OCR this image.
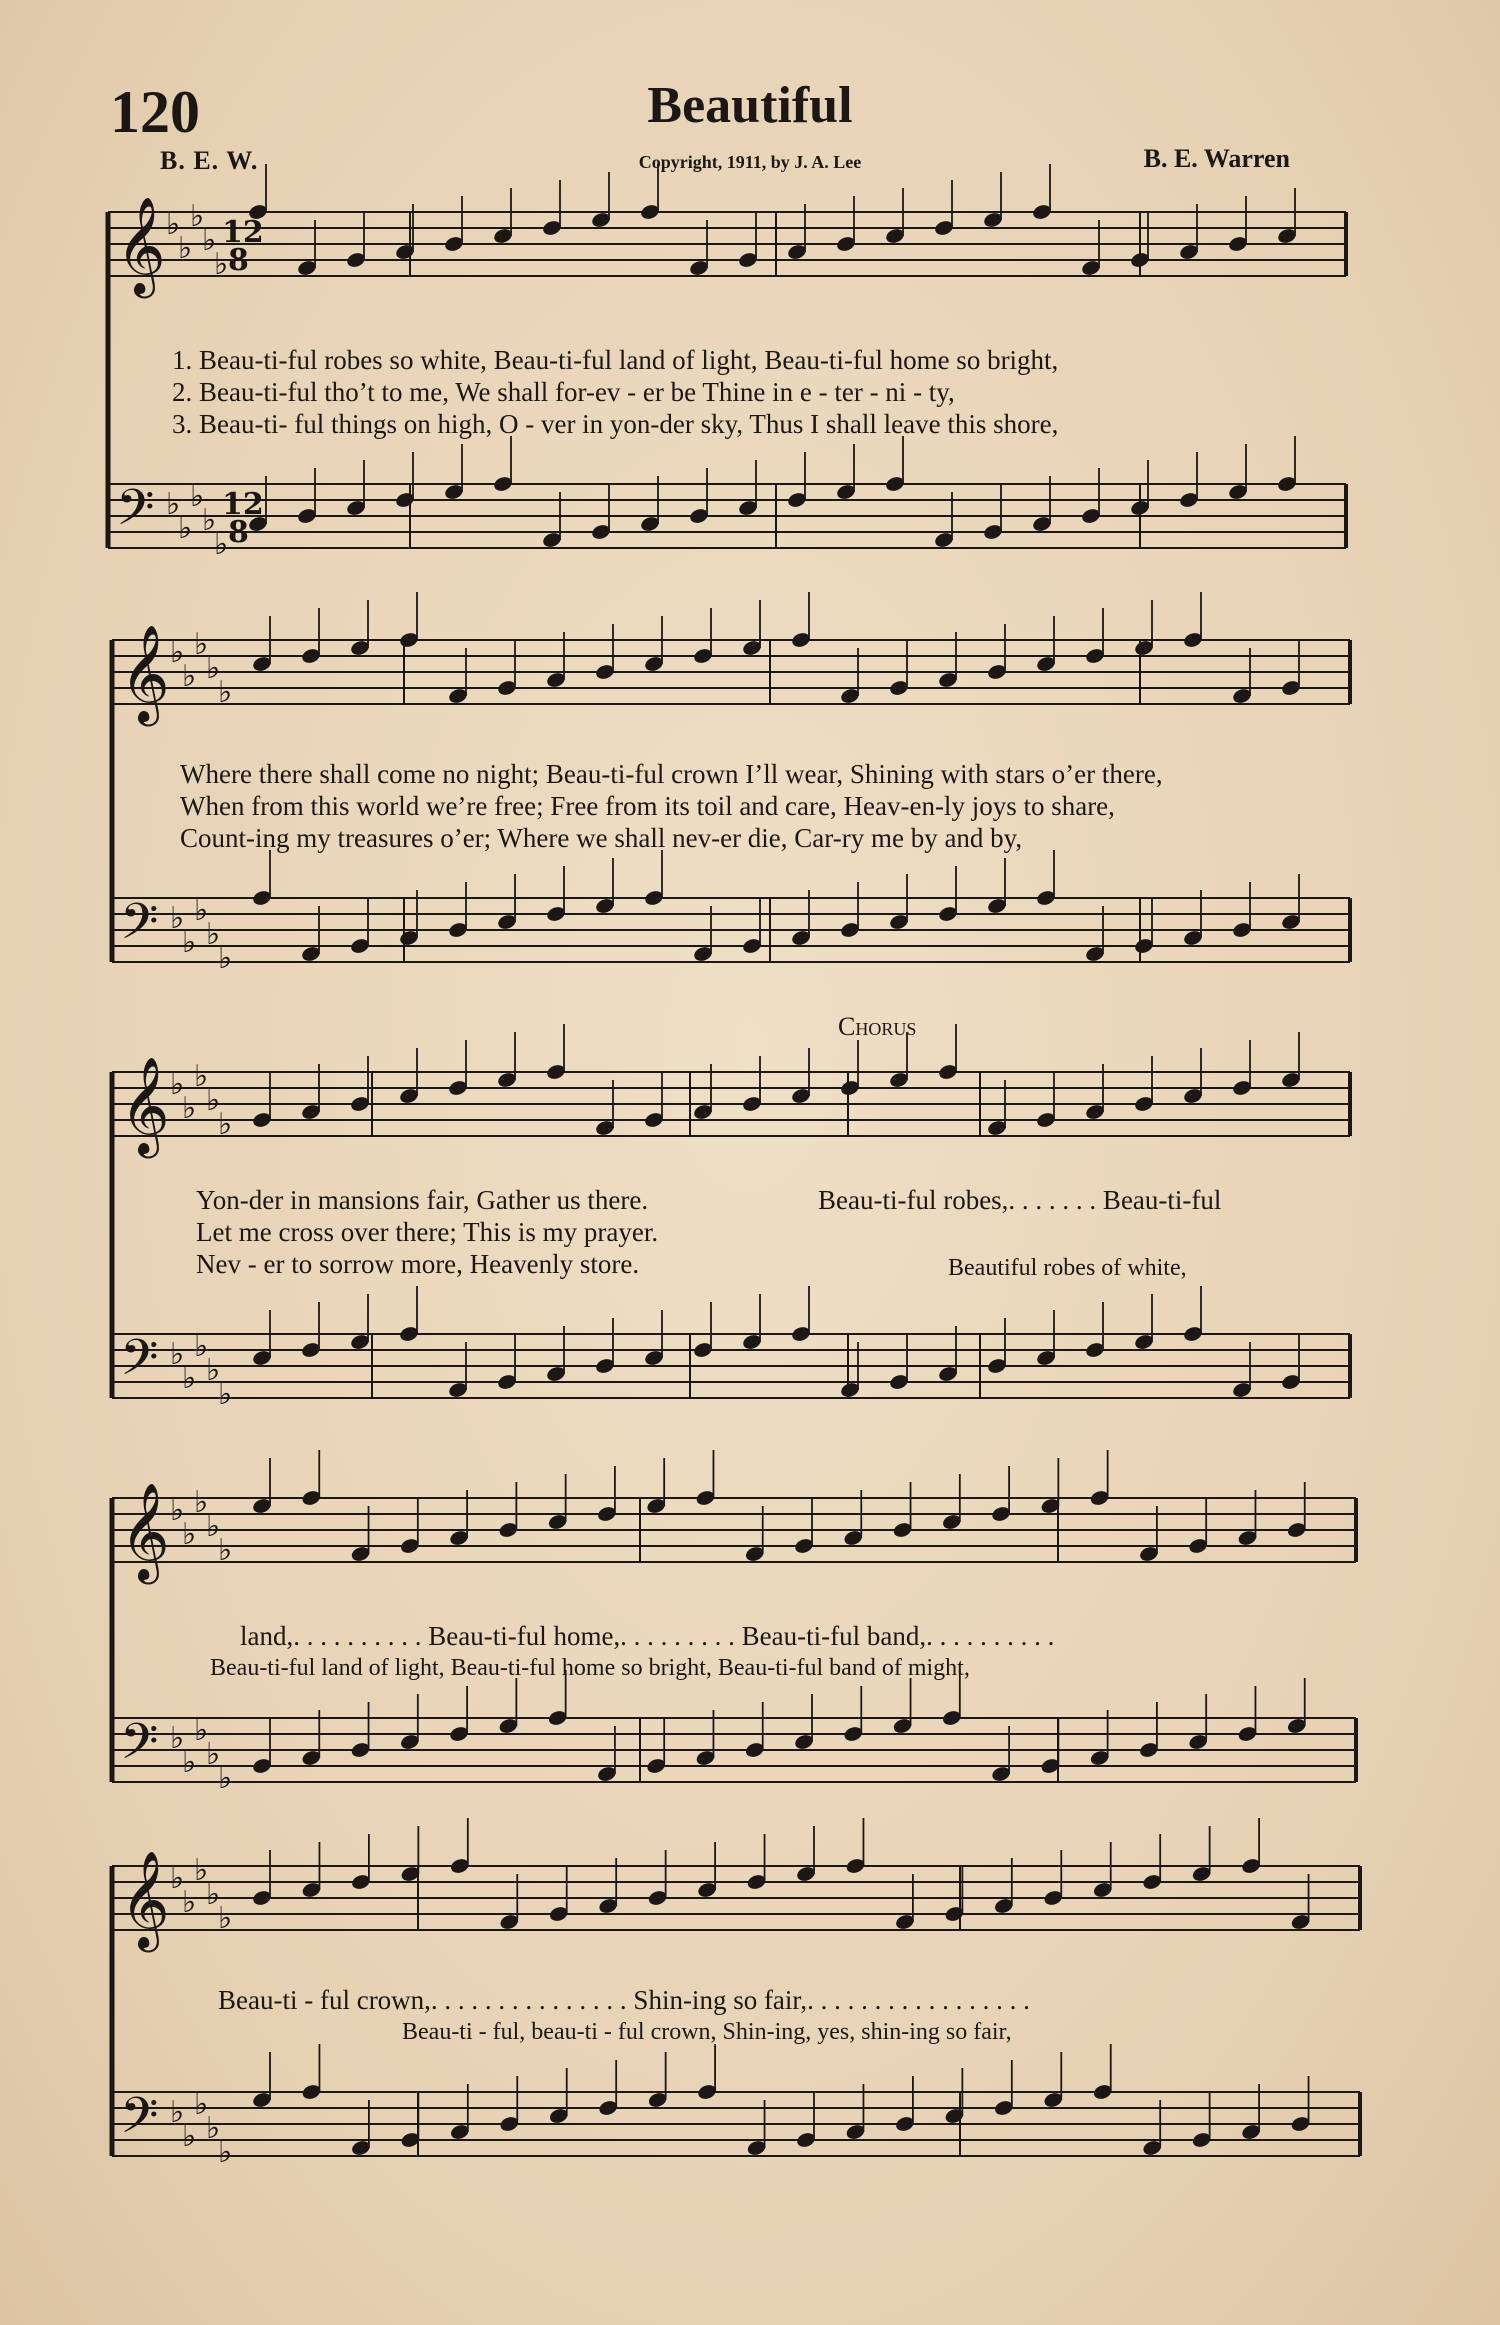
120	Beautiful
B. E. W.	Copyright, 1911, by J. A. Lee	B. E. Warren
𝄞 ♭
♭
♭
♭
♭
𝄢 ♭
♭
♭
♭
♭
𝄞 ♭
♭
♭
♭
♭
𝄢 ♭
♭
♭
♭
♭
𝄞 ♭
♭
♭
♭
♭
𝄢 ♭
♭
♭
♭
♭
𝄞 ♭
♭
♭
♭
♭
𝄢 ♭
♭
♭
♭
♭
𝄞 ♭
♭
♭
♭
♭
𝄢 ♭
♭
♭
♭
♭
12
8
12
8
1. Beau-ti-ful robes so white, Beau-ti-ful land of light, Beau-ti-ful home so bright,
2. Beau-ti-ful tho’t to me, We shall for-ev - er be Thine in e - ter - ni - ty,
3. Beau-ti- ful things on high, O - ver in yon-der sky, Thus I shall leave this shore,
Where there shall come no night; Beau-ti-ful crown I’ll wear, Shining with stars o’er there,
When from this world we’re free; Free from its toil and care, Heav-en-ly joys to share,
Count-ing my treasures o’er; Where we shall nev-er die, Car-ry me by and by,
Chorus
Yon-der in mansions fair, Gather us there.
Let me cross over there; This is my prayer.
Nev - er to sorrow more, Heavenly store.
Beau-ti-ful robes,. . . . . . . Beau-ti-ful
Beautiful robes of white,
land,. . . . . . . . . . Beau-ti-ful home,. . . . . . . . . Beau-ti-ful band,. . . . . . . . . .
Beau-ti-ful land of light, Beau-ti-ful home so bright, Beau-ti-ful band of might,
Beau-ti - ful crown,. . . . . . . . . . . . . . . Shin-ing so fair,. . . . . . . . . . . . . . . . .
Beau-ti - ful, beau-ti - ful crown, Shin-ing, yes, shin-ing so fair,
